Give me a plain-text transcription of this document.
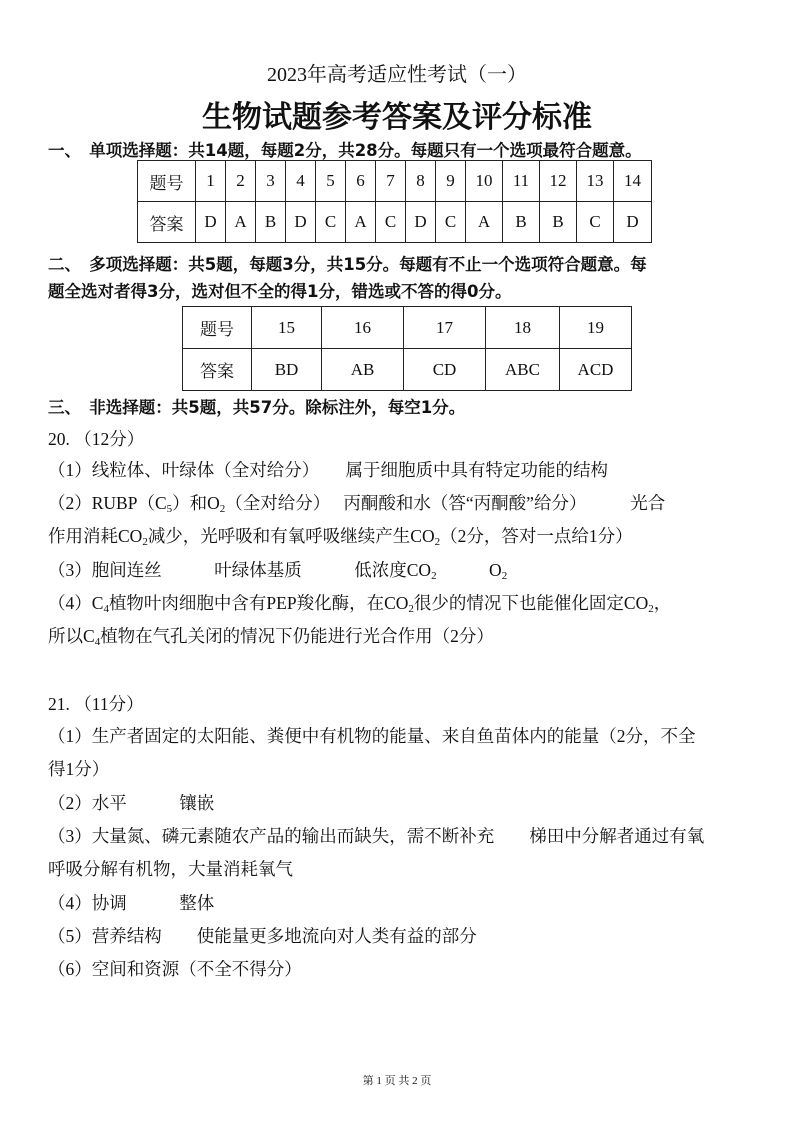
2023年高考适应性考试（一）
生物试题参考答案及评分标准
一、　单项选择题：共14题，每题2分，共28分。每题只有一个选项最符合题意。
题号	1	2	3	4	5	6	7	8	9	10	11	12	13	14
答案	D	A	B	D	C	A	C	D	C	A	B	B	C	D
二、　多项选择题：共5题，每题3分，共15分。每题有不止一个选项符合题意。每
题全选对者得3分，选对但不全的得1分，错选或不答的得0分。
题号	15	16	17	18	19
答案	BD	AB	CD	ABC	ACD
三、　非选择题：共5题，共57分。除标注外，每空1分。
20. （12分）
（1）线粒体、叶绿体（全对给分）　　属于细胞质中具有特定功能的结构
$(2)RUBP(C_5)$和$O_2$（全对给分）　 丙酮酸和水（答“丙酮酸”给分）　　　光合
作用消耗$CO_2$减少，光呼吸和有氧呼吸继续产生$CO_2(2$分，答对一点给1分）
（3）胞间连丝　　　叶绿体基质　　　低浓度$CO_2$　　　$O_2$
$(4)C_4$植物叶肉细胞中含有PEP羧化酶，在$CO_2$很少的情况下也能催化固定$CO_2$，
所以$C_4$植物在气孔关闭的情况下仍能进行光合作用（2分）
21. （11分）
（1）生产者固定的太阳能、粪便中有机物的能量、来自鱼苗体内的能量（2分，不全
得1分）
（2）水平　　　镶嵌
（3）大量氮、磷元素随农产品的输出而缺失，需不断补充　　梯田中分解者通过有氧
呼吸分解有机物，大量消耗氧气
（4）协调　　　整体
（5）营养结构　　使能量更多地流向对人类有益的部分
（6）空间和资源（不全不得分）
第 1 页 共 2 页
